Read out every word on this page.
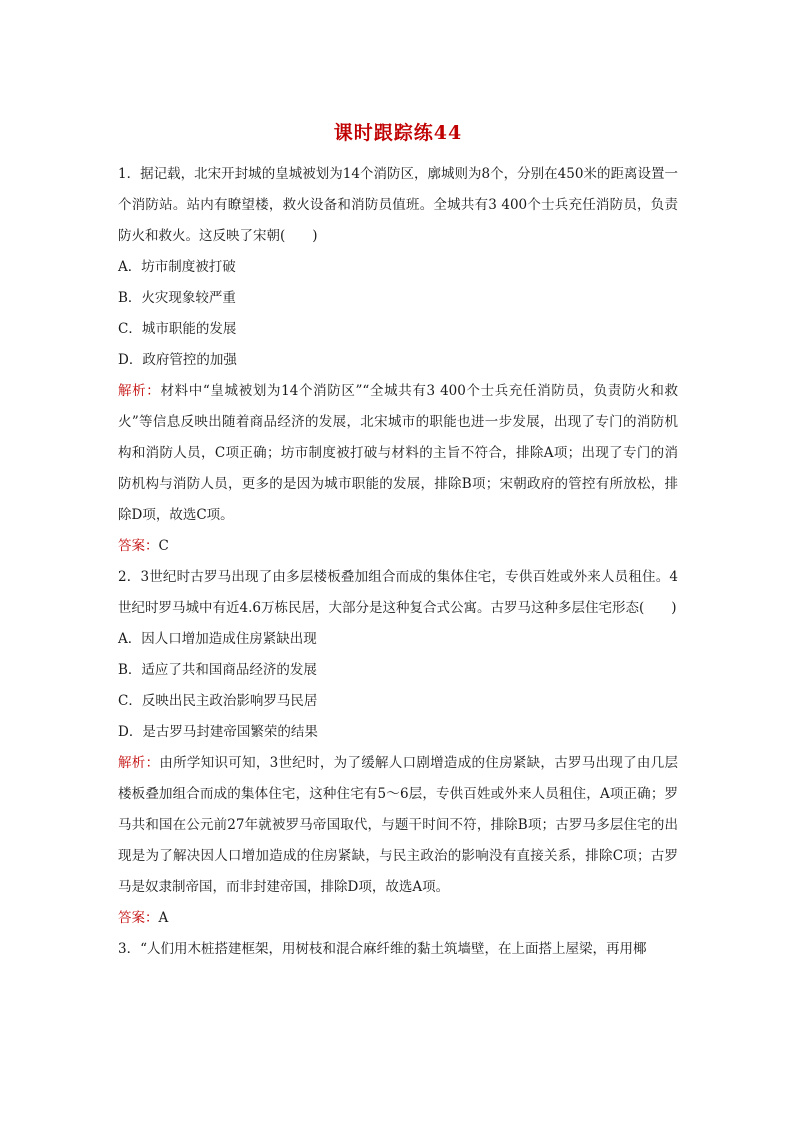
课时跟踪练44

1．据记载，北宋开封城的皇城被划为14个消防区，廓城则为8个，分别在450米的距离设置一个消防站。站内有瞭望楼，救火设备和消防员值班。全城共有3 400个士兵充任消防员，负责防火和救火。这反映了宋朝(　　)

A．坊市制度被打破

B．火灾现象较严重

C．城市职能的发展

D．政府管控的加强

解析：材料中“皇城被划为14个消防区”“全城共有3 400个士兵充任消防员，负责防火和救火”等信息反映出随着商品经济的发展，北宋城市的职能也进一步发展，出现了专门的消防机构和消防人员，C项正确；坊市制度被打破与材料的主旨不符合，排除A项；出现了专门的消防机构与消防人员，更多的是因为城市职能的发展，排除B项；宋朝政府的管控有所放松，排除D项，故选C项。

答案：C

2．3世纪时古罗马出现了由多层楼板叠加组合而成的集体住宅，专供百姓或外来人员租住。4世纪时罗马城中有近4.6万栋民居，大部分是这种复合式公寓。古罗马这种多层住宅形态(　　)

A．因人口增加造成住房紧缺出现

B．适应了共和国商品经济的发展

C．反映出民主政治影响罗马民居

D．是古罗马封建帝国繁荣的结果

解析：由所学知识可知，3世纪时，为了缓解人口剧增造成的住房紧缺，古罗马出现了由几层楼板叠加组合而成的集体住宅，这种住宅有5～6层，专供百姓或外来人员租住，A项正确；罗马共和国在公元前27年就被罗马帝国取代，与题干时间不符，排除B项；古罗马多层住宅的出现是为了解决因人口增加造成的住房紧缺，与民主政治的影响没有直接关系，排除C项；古罗马是奴隶制帝国，而非封建帝国，排除D项，故选A项。

答案：A

3．“人们用木桩搭建框架，用树枝和混合麻纤维的黏土筑墙壁，在上面搭上屋梁，再用椰
